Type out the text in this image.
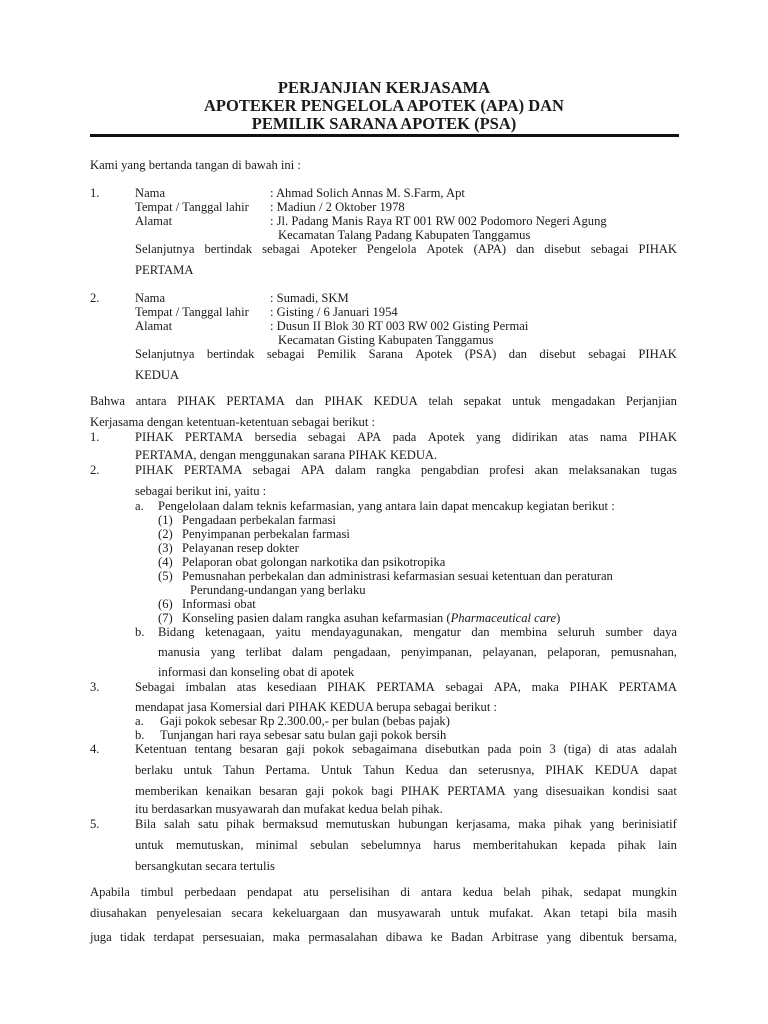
PERJANJIAN KERJASAMA
APOTEKER PENGELOLA APOTEK (APA) DAN
PEMILIK SARANA APOTEK (PSA)
Kami yang bertanda tangan di bawah ini :
1.	Nama	: Ahmad Solich Annas M. S.Farm, Apt
Tempat / Tanggal lahir : Madiun / 2 Oktober 1978
Alamat	: Jl. Padang Manis Raya RT 001 RW 002 Podomoro Negeri Agung
Kecamatan Talang Padang Kabupaten Tanggamus
Selanjutnya bertindak sebagai Apoteker Pengelola Apotek (APA) dan disebut sebagai PIHAK
PERTAMA
2.	Nama	: Sumadi, SKM
Tempat / Tanggal lahir : Gisting / 6 Januari 1954
Alamat	: Dusun II Blok 30 RT 003 RW 002 Gisting Permai
Kecamatan Gisting Kabupaten Tanggamus
Selanjutnya bertindak sebagai Pemilik Sarana Apotek (PSA) dan disebut sebagai PIHAK
KEDUA
Bahwa antara PIHAK PERTAMA dan PIHAK KEDUA telah sepakat untuk mengadakan Perjanjian
Kerjasama dengan ketentuan-ketentuan sebagai berikut :
1.	PIHAK PERTAMA bersedia sebagai APA pada Apotek yang didirikan atas nama PIHAK
PERTAMA, dengan menggunakan sarana PIHAK KEDUA.
2.	PIHAK PERTAMA sebagai APA dalam rangka pengabdian profesi akan melaksanakan tugas
sebagai berikut ini, yaitu :
a. Pengelolaan dalam teknis kefarmasian, yang antara lain dapat mencakup kegiatan berikut :
(1) Pengadaan perbekalan farmasi
(2) Penyimpanan perbekalan farmasi
(3) Pelayanan resep dokter
(4) Pelaporan obat golongan narkotika dan psikotropika
(5) Pemusnahan perbekalan dan administrasi kefarmasian sesuai ketentuan dan peraturan
Perundang-undangan yang berlaku
(6) Informasi obat
(7) Konseling pasien dalam rangka asuhan kefarmasian (Pharmaceutical care)
b. Bidang ketenagaan, yaitu mendayagunakan, mengatur dan membina seluruh sumber daya
manusia yang terlibat dalam pengadaan, penyimpanan, pelayanan, pelaporan, pemusnahan,
informasi dan konseling obat di apotek
3.	Sebagai imbalan atas kesediaan PIHAK PERTAMA sebagai APA, maka PIHAK PERTAMA
mendapat jasa Komersial dari PIHAK KEDUA berupa sebagai berikut :
a. Gaji pokok sebesar Rp 2.300.00,- per bulan (bebas pajak)
b. Tunjangan hari raya sebesar satu bulan gaji pokok bersih
4.	Ketentuan tentang besaran gaji pokok sebagaimana disebutkan pada poin 3 (tiga) di atas adalah
berlaku untuk Tahun Pertama. Untuk Tahun Kedua dan seterusnya, PIHAK KEDUA dapat
memberikan kenaikan besaran gaji pokok bagi PIHAK PERTAMA yang disesuaikan kondisi saat
itu berdasarkan musyawarah dan mufakat kedua belah pihak.
5.	Bila salah satu pihak bermaksud memutuskan hubungan kerjasama, maka pihak yang berinisiatif
untuk memutuskan, minimal sebulan sebelumnya harus memberitahukan kepada pihak lain
bersangkutan secara tertulis
Apabila timbul perbedaan pendapat atu perselisihan di antara kedua belah pihak, sedapat mungkin
diusahakan penyelesaian secara kekeluargaan dan musyawarah untuk mufakat. Akan tetapi bila masih
juga tidak terdapat persesuaian, maka permasalahan dibawa ke Badan Arbitrase yang dibentuk bersama,
